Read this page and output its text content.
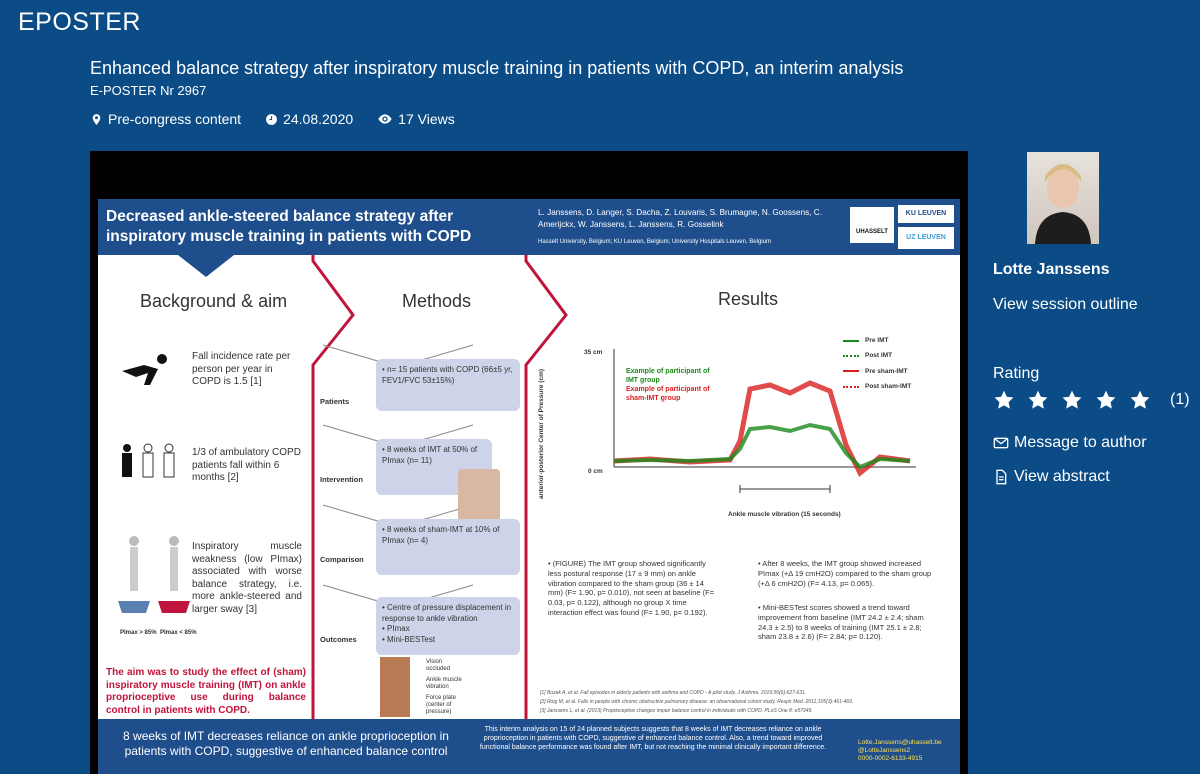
EPOSTER
Enhanced balance strategy after inspiratory muscle training in patients with COPD, an interim analysis
E-POSTER Nr 2967
Pre-congress content	24.08.2020	17 Views
Decreased ankle-steered balance strategy after inspiratory muscle training in patients with COPD
L. Janssens, D. Langer, S. Dacha, Z. Louvaris, S. Brumagne, N. Goossens, C. Amerijckx, W. Janssens, L. Janssens, R. Gosselink
Hasselt University, Belgium; KU Leuven, Belgium; University Hospitals Leuven, Belgium
UHASSELT
KU LEUVEN
UZ LEUVEN
Background & aim	Methods	Results
Fall incidence rate per person per year in COPD is 1.5 [1]
1/3 of ambulatory COPD patients fall within 6 months [2]
PImax > 85% PImax < 85%
Inspiratory muscle weakness (low PImax) associated with worse balance strategy, i.e. more ankle-steered and larger sway [3]
The aim was to study the effect of (sham) inspiratory muscle training (IMT) on ankle proprioceptive use during balance control in patients with COPD.
Patients
• n= 15 patients with COPD (66±5 yr, FEV1/FVC 53±15%)
Intervention
• 8 weeks of IMT at 50% of PImax (n= 11)
Comparison
• 8 weeks of sham-IMT at 10% of PImax (n= 4)
Outcomes
• Centre of pressure displacement in response to ankle vibration
• PImax
• Mini-BESTest
Vision occluded
Ankle muscle vibration
Force plate (center of pressure)
anterior-posterior Center of Pressure (cm)
35 cm
0 cm
Ankle muscle vibration (15 seconds)
Example of participant of IMT group
Example of participant of sham-IMT group
Pre IMT
Post IMT
Pre sham-IMT
Post sham-IMT
• (FIGURE) The IMT group showed significantly less postural response (17 ± 9 mm) on ankle vibration compared to the sham group (36 ± 14 mm) (F= 1.90, p= 0.010), not seen at baseline (F= 0.03, p= 0.122), although no group X time interaction effect was found (F= 1.90, p= 0.192).
• After 8 weeks, the IMT group showed increased PImax (+Δ 19 cmH2O) compared to the sham group (+Δ 6 cmH2O) (F= 4.13, p= 0.065).
• Mini-BESTest scores showed a trend toward improvement from baseline (IMT 24.2 ± 2.4; sham 24.3 ± 2.5) to 8 weeks of training (IMT 25.1 ± 2.8; sham 23.8 ± 2.6) (F= 2.84; p= 0.120).
[1] Bozek A, et al. Fall episodes in elderly patients with asthma and COPD - A pilot study. J Asthma. 2019;56(6):627-631.
[2] Roig M, et al. Falls in people with chronic obstructive pulmonary disease: an observational cohort study. Respir Med. 2011;105(3):461-469.
[3] Janssens L, et al. (2013) Proprioceptive changes impair balance control in individuals with COPD. PLoS One 8: e57949.
8 weeks of IMT decreases reliance on ankle proprioception in patients with COPD, suggestive of enhanced balance control
This interim analysis on 15 of 24 planned subjects suggests that 8 weeks of IMT decreases reliance on ankle proprioception in patients with COPD, suggestive of enhanced balance control. Also, a trend toward improved functional balance performance was found after IMT, but not reaching the minimal clinically important difference.
Lotte.Janssens@uhasselt.be
@LotteJanssens2
0000-0002-6133-4915
Lotte Janssens
View session outline
Rating
(1)
Message to author
View abstract
